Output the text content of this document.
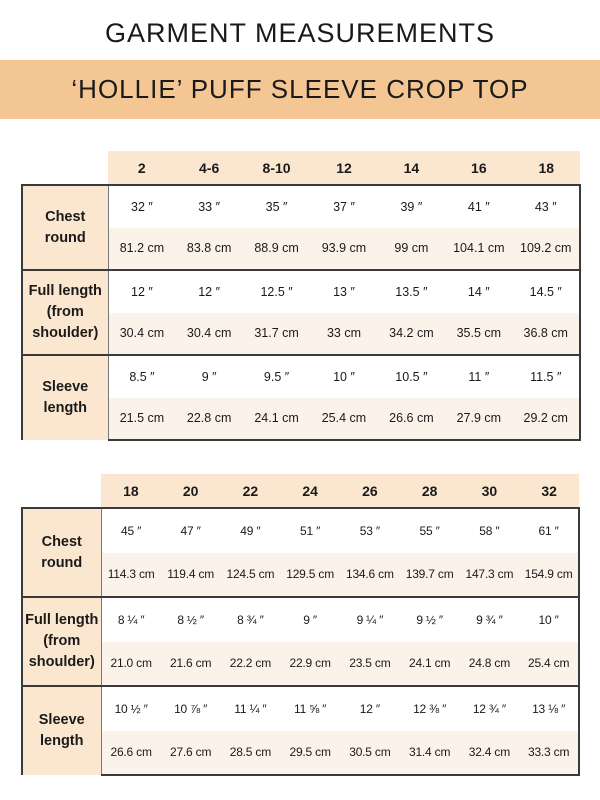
GARMENT MEASUREMENTS
‘HOLLIE’ PUFF SLEEVE CROP TOP
	2	4-6	8-10	12	14	16	18
Chest
round	32 ″	33 ″	35 ″	37 ″	39 ″	41 ″	43 ″
	81.2 cm	83.8 cm	88.9 cm	93.9 cm	99 cm	104.1 cm	109.2 cm
Full length
(from
shoulder)	12 ″	12 ″	12.5 ″	13 ″	13.5 ″	14 ″	14.5 ″
	30.4 cm	30.4 cm	31.7 cm	33 cm	34.2 cm	35.5 cm	36.8 cm
Sleeve
length	8.5 ″	9 ″	9.5 ″	10 ″	10.5 ″	11 ″	11.5 ″
	21.5 cm	22.8 cm	24.1 cm	25.4 cm	26.6 cm	27.9 cm	29.2 cm
	18	20	22	24	26	28	30	32
Chest
round	45 ″	47 ″	49 ″	51 ″	53 ″	55 ″	58 ″	61 ″
	114.3 cm	119.4 cm	124.5 cm	129.5 cm	134.6 cm	139.7 cm	147.3 cm	154.9 cm
Full length
(from
shoulder)	8 ¼ ″	8 ½ ″	8 ¾ ″	9 ″	9 ¼ ″	9 ½ ″	9 ¾ ″	10 ″
	21.0 cm	21.6 cm	22.2 cm	22.9 cm	23.5 cm	24.1 cm	24.8 cm	25.4 cm
Sleeve
length	10 ½ ″	10 ⅞ ″	11 ¼ ″	11 ⅝ ″	12 ″	12 ⅜ ″	12 ¾ ″	13 ⅛ ″
	26.6 cm	27.6 cm	28.5 cm	29.5 cm	30.5 cm	31.4 cm	32.4 cm	33.3 cm
